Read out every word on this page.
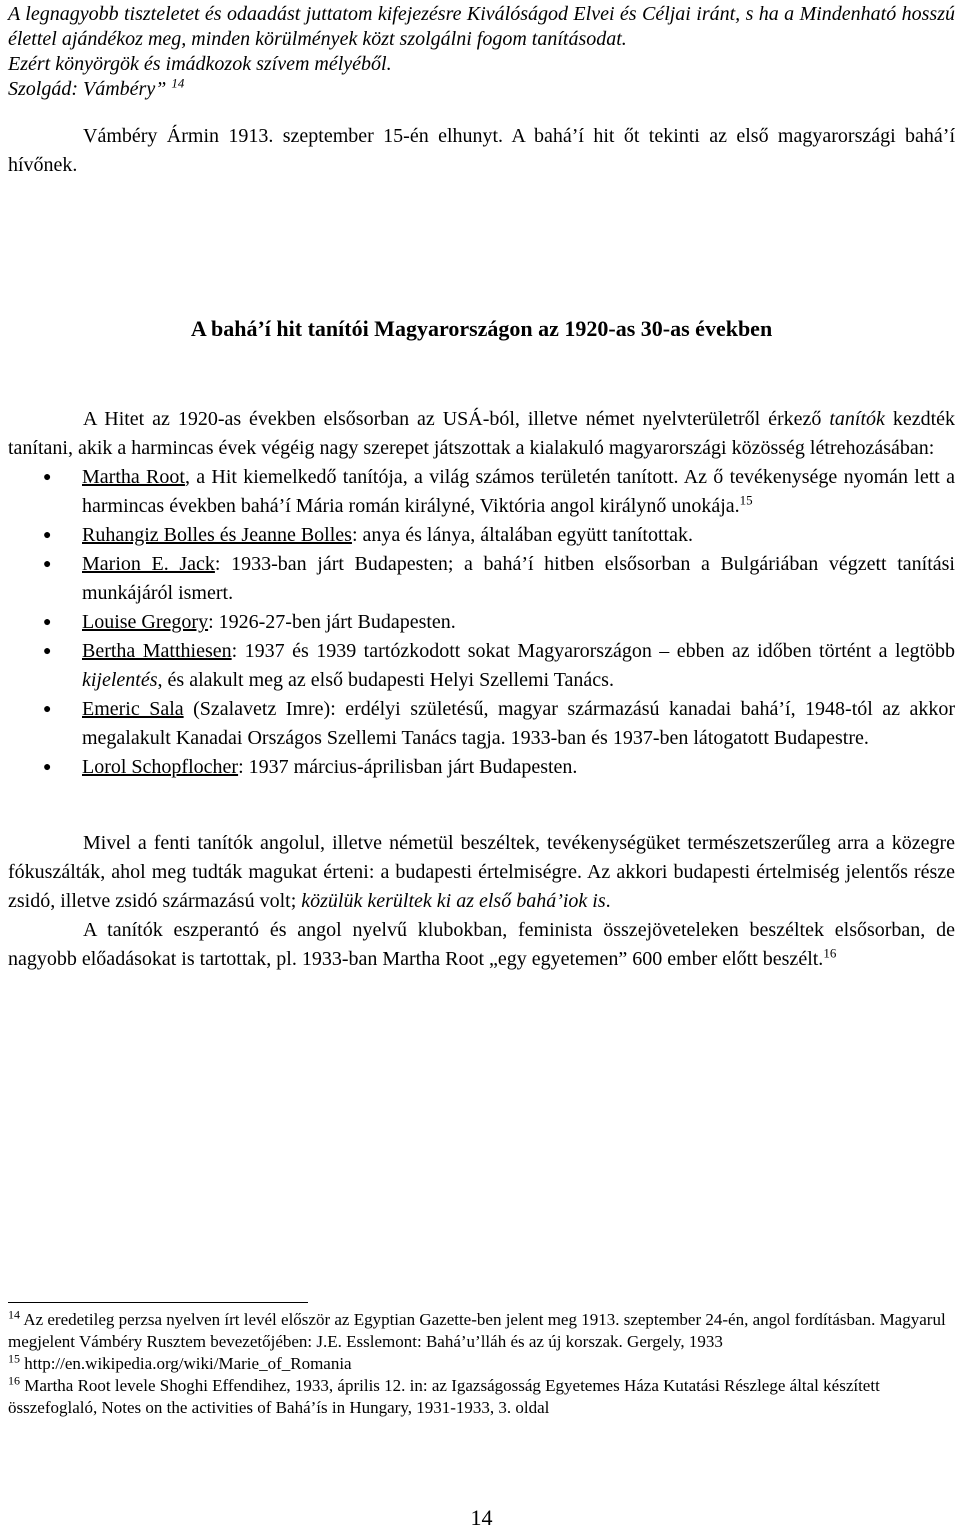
A legnagyobb tiszteletet és odaadást juttatom kifejezésre Kiválóságod Elvei és Céljai iránt, s ha a Mindenható hosszú élettel ajándékoz meg, minden körülmények közt szolgálni fogom tanításodat.

Ezért könyörgök és imádkozok szívem mélyéből.

Szolgád: Vámbéry” $^{14}$

Vámbéry Ármin 1913. szeptember 15-én elhunyt. A bahá’í hit őt tekinti az első magyarországi bahá’í hívőnek.

A bahá’í hit tanítói Magyarországon az 1920-as 30-as években

A Hitet az 1920-as években elsősorban az USÁ-ból, illetve német nyelvterületről érkező tanítók kezdték tanítani, akik a harmincas évek végéig nagy szerepet játszottak a kialakuló magyarországi közösség létrehozásában:

● Martha Root, a Hit kiemelkedő tanítója, a világ számos területén tanított. Az ő tevékenysége nyomán lett a harmincas években bahá’í Mária román királyné, Viktória angol királynő unokája.$^{15}$
● Ruhangiz Bolles és Jeanne Bolles: anya és lánya, általában együtt tanítottak.
● Marion E. Jack: 1933-ban járt Budapesten; a bahá’í hitben elsősorban a Bulgáriában végzett tanítási munkájáról ismert.
● Louise Gregory: 1926-27-ben járt Budapesten.
● Bertha Matthiesen: 1937 és 1939 tartózkodott sokat Magyarországon – ebben az időben történt a legtöbb kijelentés, és alakult meg az első budapesti Helyi Szellemi Tanács.
● Emeric Sala (Szalavetz Imre): erdélyi születésű, magyar származású kanadai bahá’í, 1948-tól az akkor megalakult Kanadai Országos Szellemi Tanács tagja. 1933-ban és 1937-ben látogatott Budapestre.
● Lorol Schopflocher: 1937 március-áprilisban járt Budapesten.

Mivel a fenti tanítók angolul, illetve németül beszéltek, tevékenységüket természetszerűleg arra a közegre fókuszálták, ahol meg tudták magukat érteni: a budapesti értelmiségre. Az akkori budapesti értelmiség jelentős része zsidó, illetve zsidó származású volt; közülük kerültek ki az első bahá’iok is.

A tanítók eszperantó és angol nyelvű klubokban, feminista összejöveteleken beszéltek elsősorban, de nagyobb előadásokat is tartottak, pl. 1933-ban Martha Root „egy egyetemen” 600 ember előtt beszélt.$^{16}$

$^{14}$ Az eredetileg perzsa nyelven írt levél először az Egyptian Gazette-ben jelent meg 1913. szeptember 24-én, angol fordításban. Magyarul megjelent Vámbéry Rusztem bevezetőjében: J.E. Esslemont: Bahá’u’lláh és az új korszak. Gergely, 1933

$^{15}$ http://en.wikipedia.org/wiki/Marie_of_Romania

$^{16}$ Martha Root levele Shoghi Effendihez, 1933, április 12. in: az Igazságosság Egyetemes Háza Kutatási Részlege által készített összefoglaló, Notes on the activities of Bahá’ís in Hungary, 1931-1933, 3. oldal

14
